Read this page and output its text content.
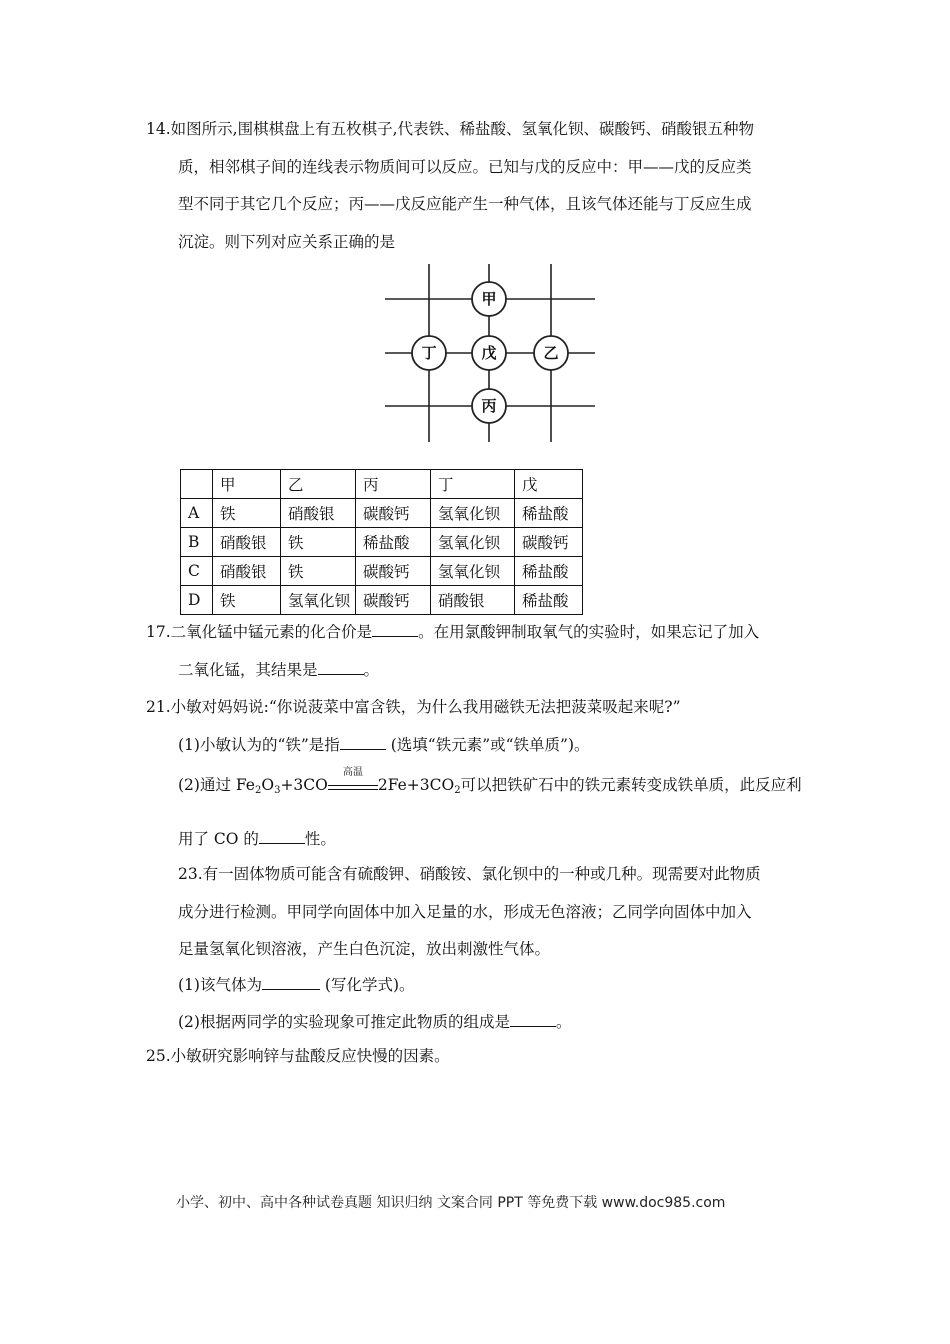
14.如图所示,围棋棋盘上有五枚棋子,代表铁、稀盐酸、氢氧化钡、碳酸钙、硝酸银五种物
质，相邻棋子间的连线表示物质间可以反应。已知与戊的反应中：甲——戊的反应类
型不同于其它几个反应；丙——戊反应能产生一种气体，且该气体还能与丁反应生成
沉淀。则下列对应关系正确的是
甲
丁	戊	乙
丙
	甲	乙	丙	丁	戊
A	铁	硝酸银	碳酸钙	氢氧化钡	稀盐酸
B	硝酸银	铁	稀盐酸	氢氧化钡	碳酸钙
C	硝酸银	铁	碳酸钙	氢氧化钡	稀盐酸
D	铁	氢氧化钡	碳酸钙	硝酸银	稀盐酸
17.二氧化锰中锰元素的化合价是	。在用氯酸钾制取氧气的实验时，如果忘记了加入
二氧化锰，其结果是	。
21.小敏对妈妈说:“你说菠菜中富含铁，为什么我用磁铁无法把菠菜吸起来呢?”
(1)小敏认为的“铁”是指	(选填“铁元素”或“铁单质”)。
(2)通过 $Fe_2O_3+3CO$
高温
$2Fe+3CO_2$可以把铁矿石中的铁元素转变成铁单质，此反应利
用了 CO 的	性。
23.有一固体物质可能含有硫酸钾、硝酸铵、氯化钡中的一种或几种。现需要对此物质
成分进行检测。甲同学向固体中加入足量的水，形成无色溶液；乙同学向固体中加入
足量氢氧化钡溶液，产生白色沉淀，放出刺激性气体。
(1)该气体为	(写化学式)。
(2)根据两同学的实验现象可推定此物质的组成是	。
25.小敏研究影响锌与盐酸反应快慢的因素。
小学、初中、高中各种试卷真题 知识归纳 文案合同 PPT 等免费下载 www.doc985.com
